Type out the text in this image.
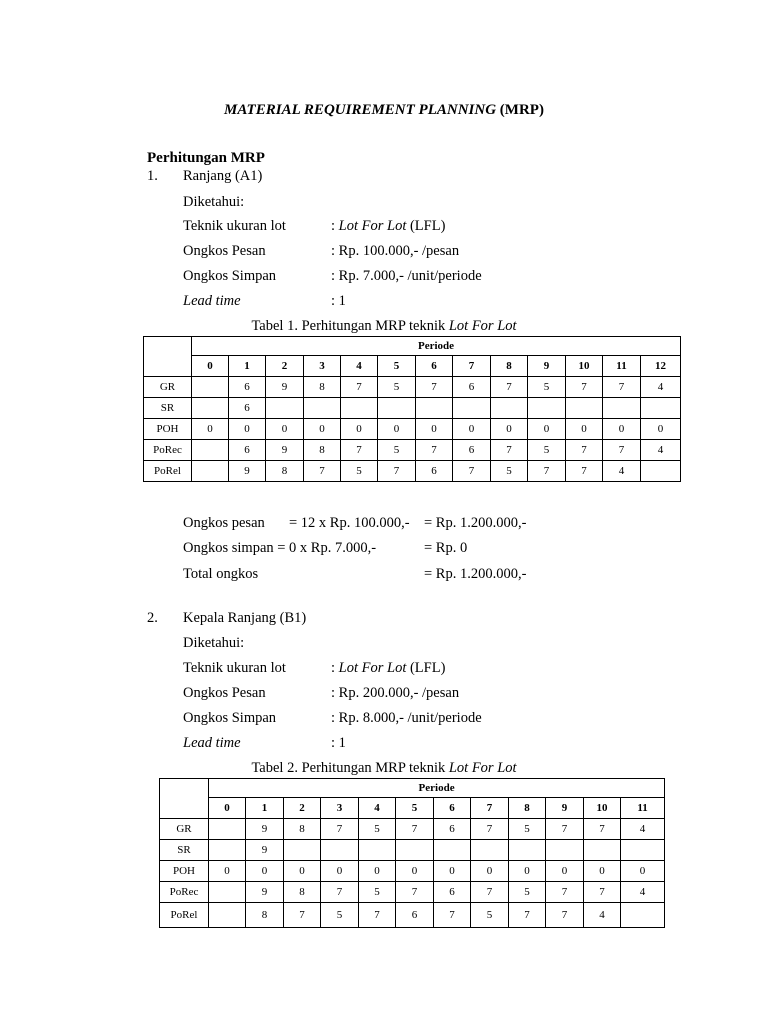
MATERIAL REQUIREMENT PLANNING (MRP)
Perhitungan MRP
1. Ranjang (A1)
Diketahui:
Teknik ukuran lot	: Lot For Lot (LFL)
Ongkos Pesan	: Rp. 100.000,- /pesan
Ongkos Simpan	: Rp. 7.000,- /unit/periode
Lead time	: 1
Tabel 1. Perhitungan MRP teknik Lot For Lot
	Periode												
	0	1	2	3	4	5	6	7	8	9	10	11	12
GR		6	9	8	7	5	7	6	7	5	7	7	4
SR		6											
POH	0	0	0	0	0	0	0	0	0	0	0	0	0
PoRec		6	9	8	7	5	7	6	7	5	7	7	4
PoRel		9	8	7	5	7	6	7	5	7	7	4	
Ongkos pesan = 12 x Rp. 100.000,- = Rp. 1.200.000,-
Ongkos simpan = 0 x Rp. 7.000,-	= Rp. 0
Total ongkos	= Rp. 1.200.000,-
2. Kepala Ranjang (B1)
Diketahui:
Teknik ukuran lot	: Lot For Lot (LFL)
Ongkos Pesan	: Rp. 200.000,- /pesan
Ongkos Simpan	: Rp. 8.000,- /unit/periode
Lead time	: 1
Tabel 2. Perhitungan MRP teknik Lot For Lot
	Periode											
	0	1	2	3	4	5	6	7	8	9	10	11
GR		9	8	7	5	7	6	7	5	7	7	4
SR		9										
POH	0	0	0	0	0	0	0	0	0	0	0	0
PoRec		9	8	7	5	7	6	7	5	7	7	4
PoRel		8	7	5	7	6	7	5	7	7	4	
